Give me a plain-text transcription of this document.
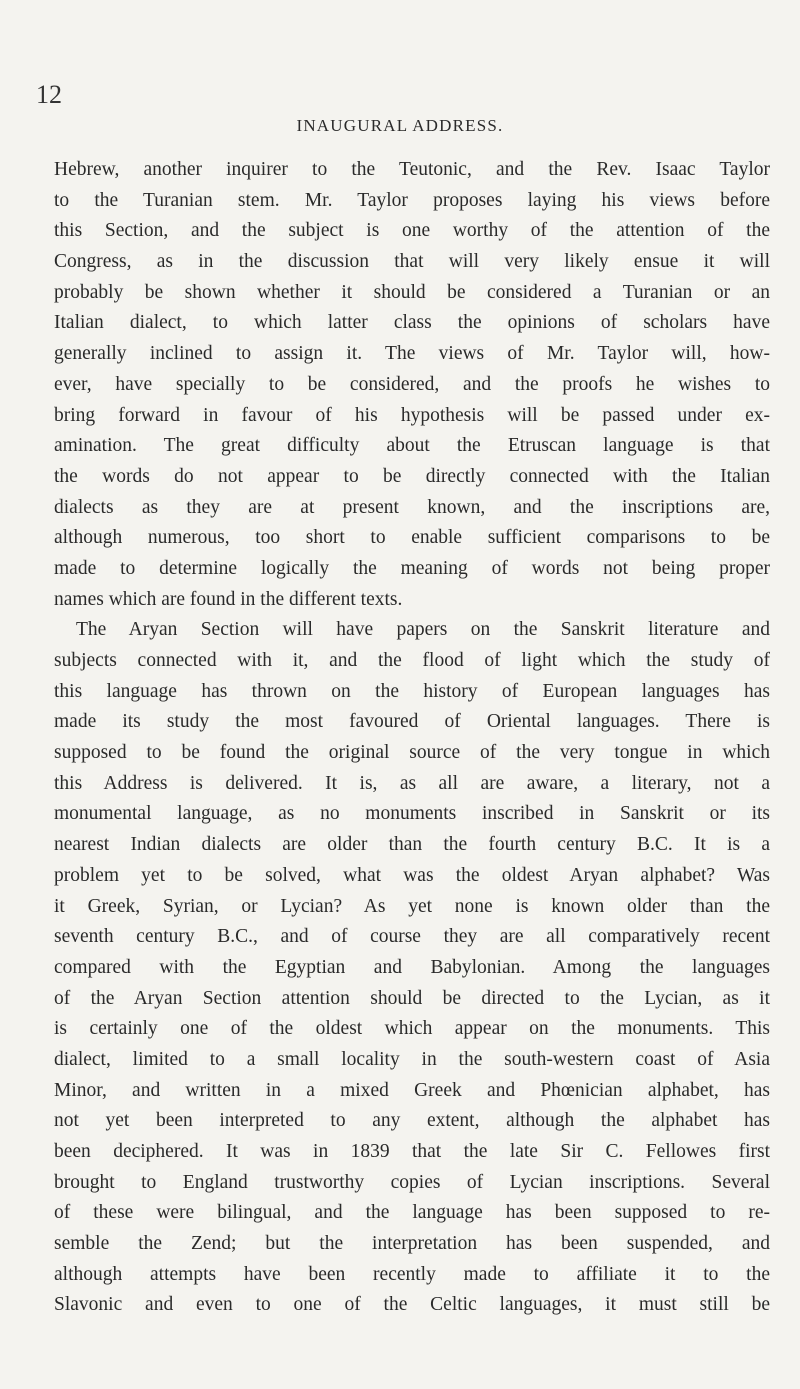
12
INAUGURAL ADDRESS.
Hebrew, another inquirer to the Teutonic, and the Rev. Isaac Taylor
to the Turanian stem. Mr. Taylor proposes laying his views before
this Section, and the subject is one worthy of the attention of the
Congress, as in the discussion that will very likely ensue it will
probably be shown whether it should be considered a Turanian or an
Italian dialect, to which latter class the opinions of scholars have
generally inclined to assign it. The views of Mr. Taylor will, how-
ever, have specially to be considered, and the proofs he wishes to
bring forward in favour of his hypothesis will be passed under ex-
amination. The great difficulty about the Etruscan language is that
the words do not appear to be directly connected with the Italian
dialects as they are at present known, and the inscriptions are,
although numerous, too short to enable sufficient comparisons to be
made to determine logically the meaning of words not being proper
names which are found in the different texts.
The Aryan Section will have papers on the Sanskrit literature and
subjects connected with it, and the flood of light which the study of
this language has thrown on the history of European languages has
made its study the most favoured of Oriental languages. There is
supposed to be found the original source of the very tongue in which
this Address is delivered. It is, as all are aware, a literary, not a
monumental language, as no monuments inscribed in Sanskrit or its
nearest Indian dialects are older than the fourth century B.C. It is a
problem yet to be solved, what was the oldest Aryan alphabet? Was
it Greek, Syrian, or Lycian? As yet none is known older than the
seventh century B.C., and of course they are all comparatively recent
compared with the Egyptian and Babylonian. Among the languages
of the Aryan Section attention should be directed to the Lycian, as it
is certainly one of the oldest which appear on the monuments. This
dialect, limited to a small locality in the south-western coast of Asia
Minor, and written in a mixed Greek and Phœnician alphabet, has
not yet been interpreted to any extent, although the alphabet has
been deciphered. It was in 1839 that the late Sir C. Fellowes first
brought to England trustworthy copies of Lycian inscriptions. Several
of these were bilingual, and the language has been supposed to re-
semble the Zend; but the interpretation has been suspended, and
although attempts have been recently made to affiliate it to the
Slavonic and even to one of the Celtic languages, it must still be
